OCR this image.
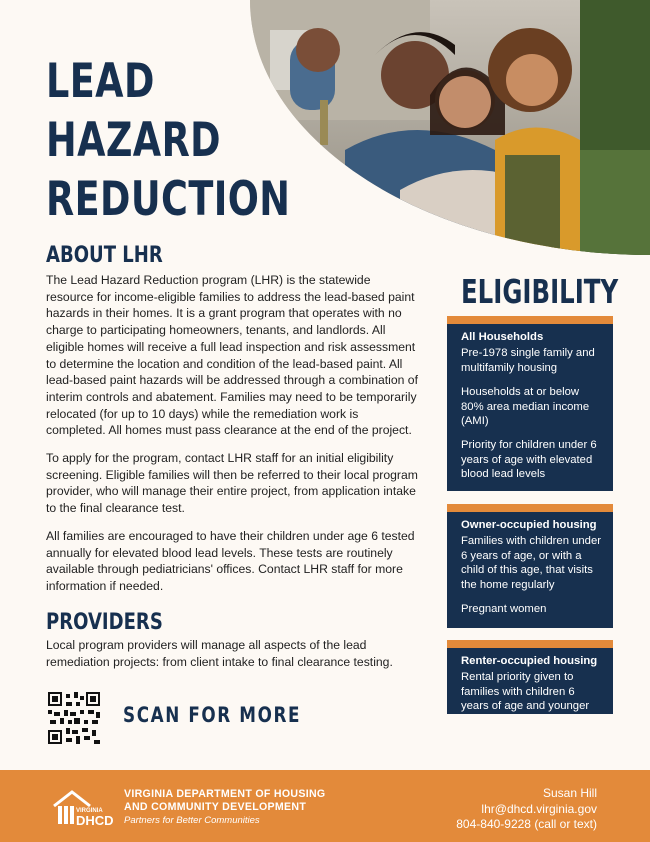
LEAD
HAZARD
REDUCTION
ABOUT LHR

The Lead Hazard Reduction program (LHR) is the statewide resource for income-eligible families to address the lead-based paint hazards in their homes. It is a grant program that operates with no charge to participating homeowners, tenants, and landlords. All eligible homes will receive a full lead inspection and risk assessment to determine the location and condition of the lead-based paint. All lead-based paint hazards will be addressed through a combination of interim controls and abatement. Families may need to be temporarily relocated (for up to 10 days) while the remediation work is completed. All homes must pass clearance at the end of the project.

To apply for the program, contact LHR staff for an initial eligibility screening. Eligible families will then be referred to their local program provider, who will manage their entire project, from application intake to the final clearance test.

All families are encouraged to have their children under age 6 tested annually for elevated blood lead levels. These tests are routinely available through pediatricians' offices. Contact LHR staff for more information if needed.

PROVIDERS

Local program providers will manage all aspects of the lead remediation projects: from client intake to final clearance testing.

SCAN FOR MORE
ELIGIBILITY
All Households
Pre-1978 single family and multifamily housing
Households at or below 80% area median income (AMI)
Priority for children under 6 years of age with elevated blood lead levels
Owner-occupied housing
Families with children under 6 years of age, or with a child of this age, that visits the home regularly
Pregnant women
Renter-occupied housing
Rental priority given to families with children 6 years of age and younger
VIRGINIA
DHCD
VIRGINIA DEPARTMENT OF HOUSING
AND COMMUNITY DEVELOPMENT
Partners for Better Communities
Susan Hill
lhr@dhcd.virginia.gov
804-840-9228 (call or text)
